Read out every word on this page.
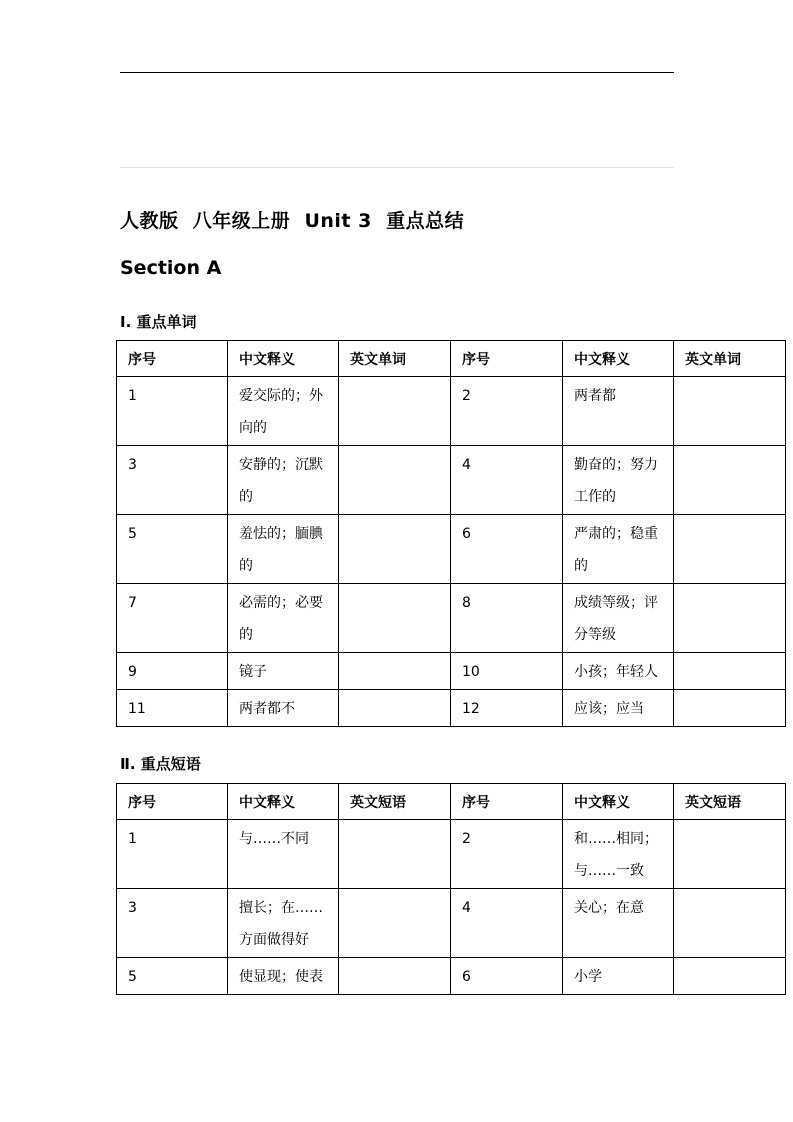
人教版  八年级上册  Unit 3  重点总结
Section A
Ⅰ. 重点单词
序号	中文释义	英文单词	序号	中文释义	英文单词
1	爱交际的；外向的		2	两者都	
3	安静的；沉默的		4	勤奋的；努力工作的	
5	羞怯的；腼腆的		6	严肃的；稳重的	
7	必需的；必要的		8	成绩等级；评分等级	
9	镜子		10	小孩；年轻人	
11	两者都不		12	应该；应当	
Ⅱ. 重点短语
序号	中文释义	英文短语	序号	中文释义	英文短语
1	与……不同		2	和……相同；与……一致	
3	擅长；在……方面做得好		4	关心；在意	
5	使显现；使表		6	小学	
